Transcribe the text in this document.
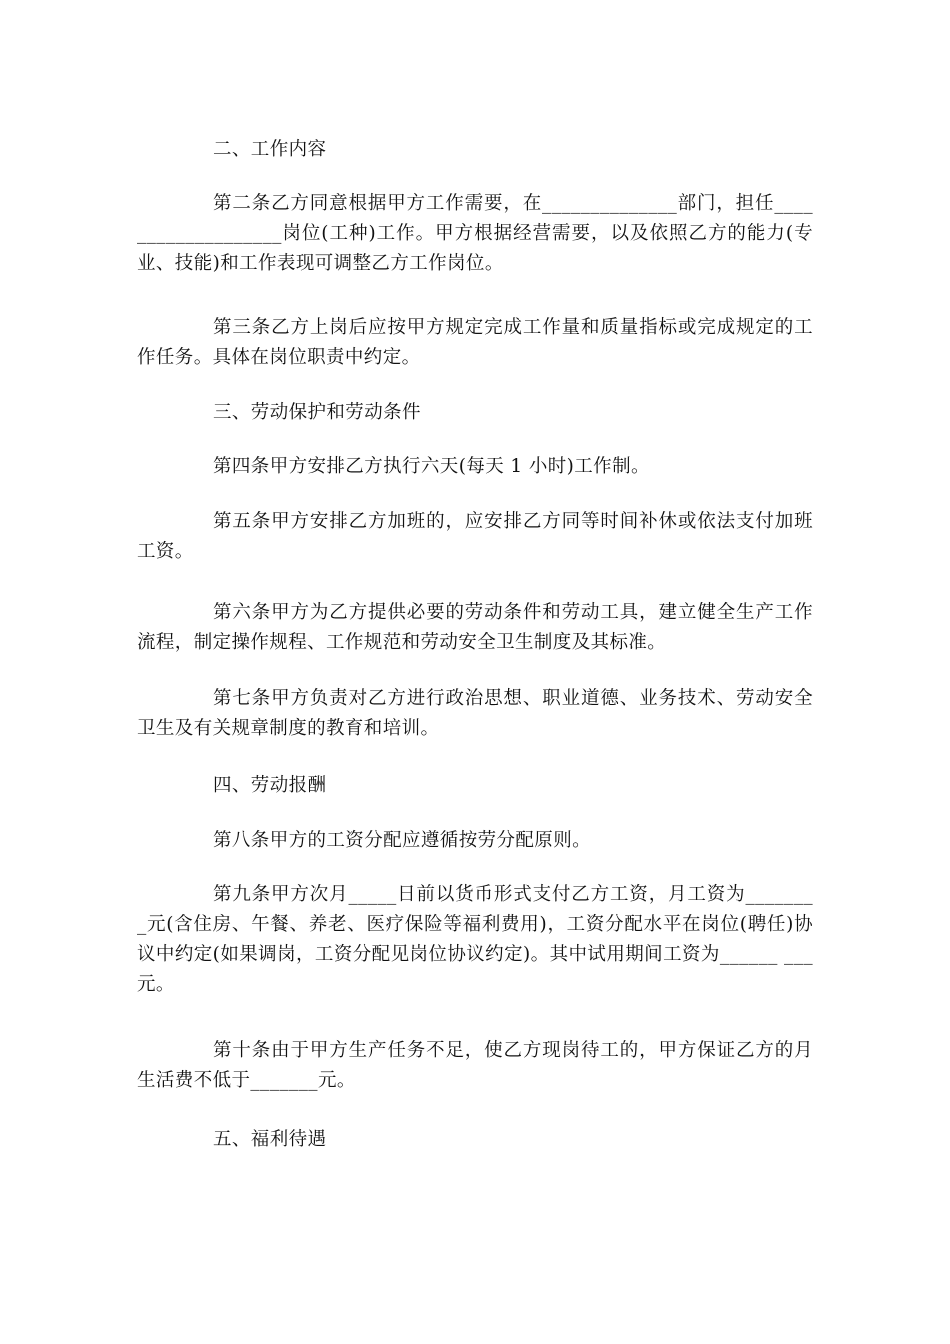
二、工作内容

第二条乙方同意根据甲方工作需要，在______________部门，担任____ _______________岗位(工种)工作。甲方根据经营需要，以及依照乙方的能力(专业、技能)和工作表现可调整乙方工作岗位。

第三条乙方上岗后应按甲方规定完成工作量和质量指标或完成规定的工作任务。具体在岗位职责中约定。

三、劳动保护和劳动条件

第四条甲方安排乙方执行六天(每天 1 小时)工作制。

第五条甲方安排乙方加班的，应安排乙方同等时间补休或依法支付加班工资。

第六条甲方为乙方提供必要的劳动条件和劳动工具，建立健全生产工作流程，制定操作规程、工作规范和劳动安全卫生制度及其标准。

第七条甲方负责对乙方进行政治思想、职业道德、业务技术、劳动安全卫生及有关规章制度的教育和培训。

四、劳动报酬

第八条甲方的工资分配应遵循按劳分配原则。

第九条甲方次月_____日前以货币形式支付乙方工资，月工资为_______ _元(含住房、午餐、养老、医疗保险等福利费用)，工资分配水平在岗位(聘任)协议中约定(如果调岗，工资分配见岗位协议约定)。其中试用期间工资为______ ___元。

第十条由于甲方生产任务不足，使乙方现岗待工的，甲方保证乙方的月生活费不低于_______元。

五、福利待遇
